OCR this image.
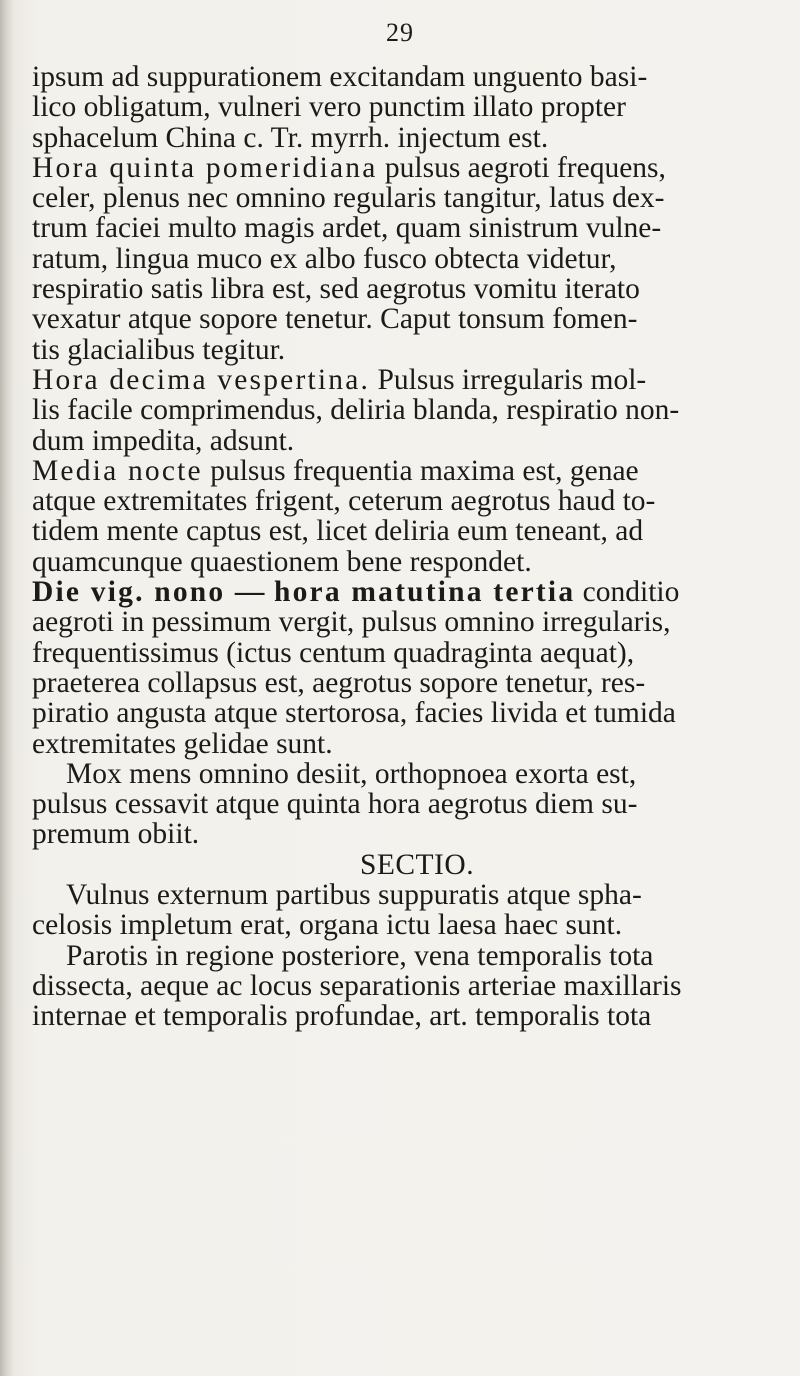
29
ipsum ad suppurationem excitandam unguento basi-
lico obligatum, vulneri vero punctim illato propter
sphacelum China c. Tr. myrrh. injectum est.
Hora quinta pomeridiana
pulsus aegroti frequens,
celer, plenus nec omnino regularis tangitur, latus dex-
trum faciei multo magis ardet, quam sinistrum vulne-
ratum, lingua muco ex albo fusco obtecta videtur,
respiratio satis libra est, sed aegrotus vomitu iterato
vexatur atque sopore tenetur. Caput tonsum fomen-
tis glacialibus tegitur.
Hora decima vespertina.
Pulsus irregularis mol-
lis facile comprimendus, deliria blanda, respiratio non-
dum impedita, adsunt.
Media nocte
pulsus frequentia maxima est, genae
atque extremitates frigent, ceterum aegrotus haud to-
tidem mente captus est, licet deliria eum teneant, ad
quamcunque quaestionem bene respondet.
Die vig. nono —
hora matutina tertia
conditio
aegroti in pessimum vergit, pulsus omnino irregularis,
frequentissimus (ictus centum quadraginta aequat),
praeterea collapsus est, aegrotus sopore tenetur, res-
piratio angusta atque stertorosa, facies livida et tumida
extremitates gelidae sunt.
Mox mens omnino desiit, orthopnoea exorta est,
pulsus cessavit atque quinta hora aegrotus diem su-
premum obiit.
SECTIO.
Vulnus externum partibus suppuratis atque spha-
celosis impletum erat, organa ictu laesa haec sunt.
Parotis in regione posteriore, vena temporalis tota
dissecta, aeque ac locus separationis arteriae maxillaris
internae et temporalis profundae, art. temporalis tota
